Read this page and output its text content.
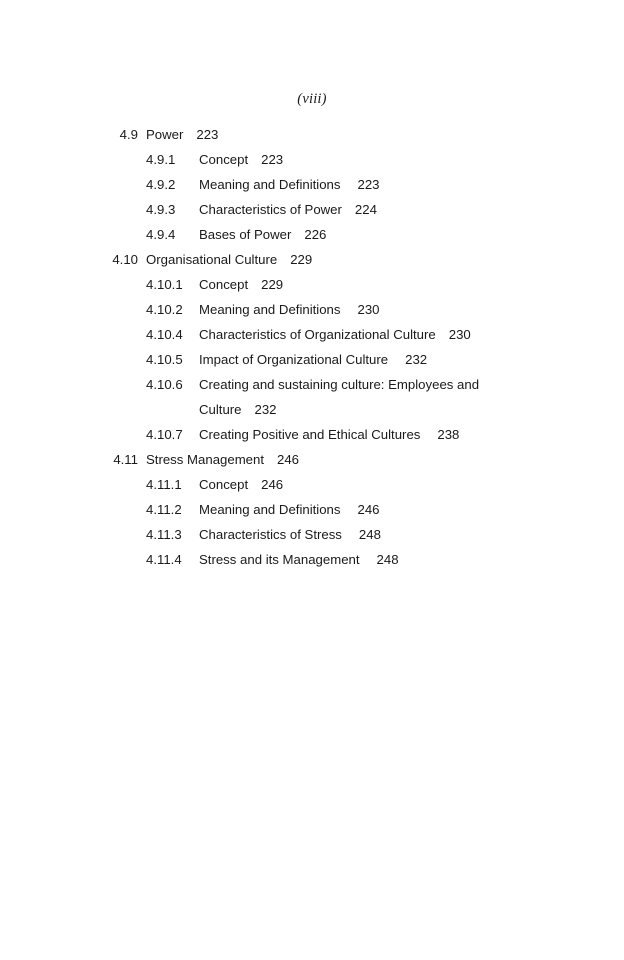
(viii)
4.9 Power 223
4.9.1	Concept 223
4.9.2	Meaning and Definitions 223
4.9.3	Characteristics of Power 224
4.9.4	Bases of Power 226
4.10 Organisational Culture 229
4.10.1	Concept 229
4.10.2	Meaning and Definitions 230
4.10.4	Characteristics of Organizational Culture 230
4.10.5	Impact of Organizational Culture 232
4.10.6	Creating and sustaining culture: Employees and
Culture 232
4.10.7	Creating Positive and Ethical Cultures 238
4.11 Stress Management 246
4.11.1	Concept 246
4.11.2	Meaning and Definitions 246
4.11.3	Characteristics of Stress 248
4.11.4	Stress and its Management 248
